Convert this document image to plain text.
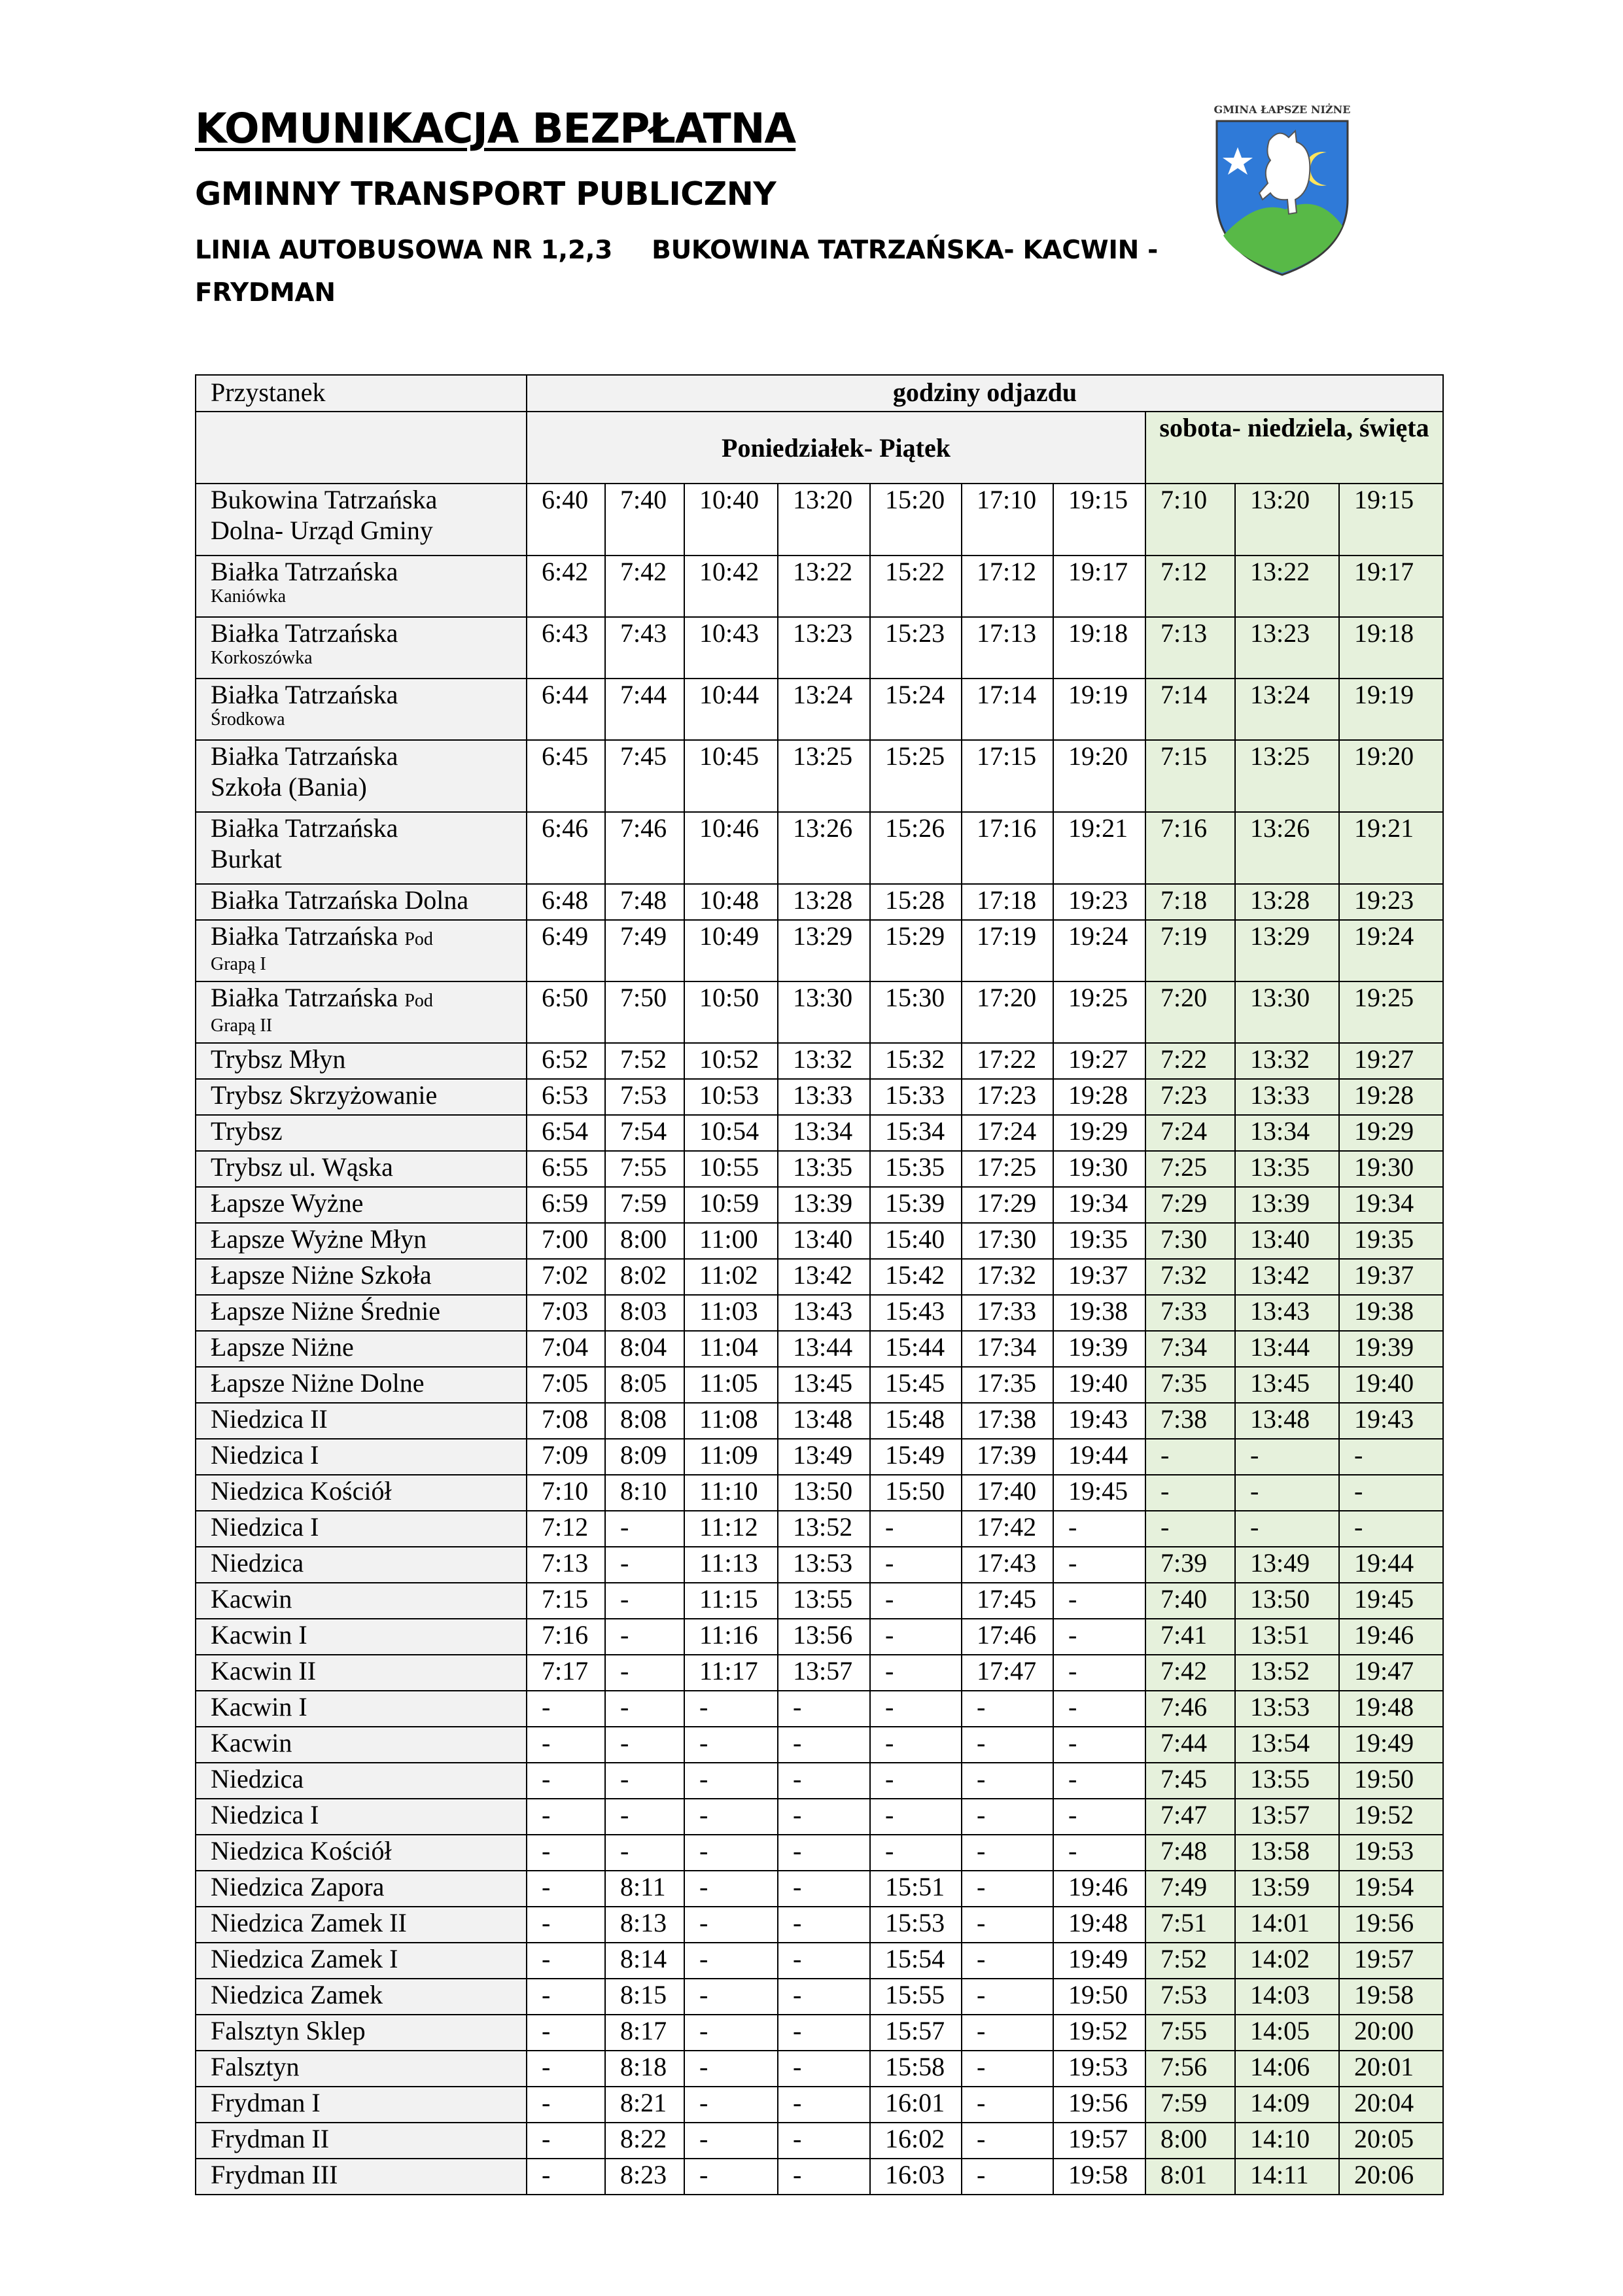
KOMUNIKACJA BEZPŁATNA
GMINNY TRANSPORT PUBLICZNY
LINIA AUTOBUSOWA NR 1,2,3 BUKOWINA TATRZAŃSKA- KACWIN -
FRYDMAN
GMINA ŁAPSZE NIŻNE
Przystanek	godziny odjazdu									
	Poniedziałek- Piątek							sobota- niedziela, święta		
Bukowina Tatrzańska
Dolna- Urząd Gminy	6:40	7:40	10:40	13:20	15:20	17:10	19:15	7:10	13:20	19:15
Białka Tatrzańska
Kaniówka	6:42	7:42	10:42	13:22	15:22	17:12	19:17	7:12	13:22	19:17
Białka Tatrzańska
Korkoszówka	6:43	7:43	10:43	13:23	15:23	17:13	19:18	7:13	13:23	19:18
Białka Tatrzańska
Środkowa	6:44	7:44	10:44	13:24	15:24	17:14	19:19	7:14	13:24	19:19
Białka Tatrzańska
Szkoła (Bania)	6:45	7:45	10:45	13:25	15:25	17:15	19:20	7:15	13:25	19:20
Białka Tatrzańska
Burkat	6:46	7:46	10:46	13:26	15:26	17:16	19:21	7:16	13:26	19:21
Białka Tatrzańska Dolna	6:48	7:48	10:48	13:28	15:28	17:18	19:23	7:18	13:28	19:23
Białka Tatrzańska Pod
Grapą I	6:49	7:49	10:49	13:29	15:29	17:19	19:24	7:19	13:29	19:24
Białka Tatrzańska Pod
Grapą II	6:50	7:50	10:50	13:30	15:30	17:20	19:25	7:20	13:30	19:25
Trybsz Młyn	6:52	7:52	10:52	13:32	15:32	17:22	19:27	7:22	13:32	19:27
Trybsz Skrzyżowanie	6:53	7:53	10:53	13:33	15:33	17:23	19:28	7:23	13:33	19:28
Trybsz	6:54	7:54	10:54	13:34	15:34	17:24	19:29	7:24	13:34	19:29
Trybsz ul. Wąska	6:55	7:55	10:55	13:35	15:35	17:25	19:30	7:25	13:35	19:30
Łapsze Wyżne	6:59	7:59	10:59	13:39	15:39	17:29	19:34	7:29	13:39	19:34
Łapsze Wyżne Młyn	7:00	8:00	11:00	13:40	15:40	17:30	19:35	7:30	13:40	19:35
Łapsze Niżne Szkoła	7:02	8:02	11:02	13:42	15:42	17:32	19:37	7:32	13:42	19:37
Łapsze Niżne Średnie	7:03	8:03	11:03	13:43	15:43	17:33	19:38	7:33	13:43	19:38
Łapsze Niżne	7:04	8:04	11:04	13:44	15:44	17:34	19:39	7:34	13:44	19:39
Łapsze Niżne Dolne	7:05	8:05	11:05	13:45	15:45	17:35	19:40	7:35	13:45	19:40
Niedzica II	7:08	8:08	11:08	13:48	15:48	17:38	19:43	7:38	13:48	19:43
Niedzica I	7:09	8:09	11:09	13:49	15:49	17:39	19:44	-	-	-
Niedzica Kościół	7:10	8:10	11:10	13:50	15:50	17:40	19:45	-	-	-
Niedzica I	7:12	-	11:12	13:52	-	17:42	-	-	-	-
Niedzica	7:13	-	11:13	13:53	-	17:43	-	7:39	13:49	19:44
Kacwin	7:15	-	11:15	13:55	-	17:45	-	7:40	13:50	19:45
Kacwin I	7:16	-	11:16	13:56	-	17:46	-	7:41	13:51	19:46
Kacwin II	7:17	-	11:17	13:57	-	17:47	-	7:42	13:52	19:47
Kacwin I	-	-	-	-	-	-	-	7:46	13:53	19:48
Kacwin	-	-	-	-	-	-	-	7:44	13:54	19:49
Niedzica	-	-	-	-	-	-	-	7:45	13:55	19:50
Niedzica I	-	-	-	-	-	-	-	7:47	13:57	19:52
Niedzica Kościół	-	-	-	-	-	-	-	7:48	13:58	19:53
Niedzica Zapora	-	8:11	-	-	15:51	-	19:46	7:49	13:59	19:54
Niedzica Zamek II	-	8:13	-	-	15:53	-	19:48	7:51	14:01	19:56
Niedzica Zamek I	-	8:14	-	-	15:54	-	19:49	7:52	14:02	19:57
Niedzica Zamek	-	8:15	-	-	15:55	-	19:50	7:53	14:03	19:58
Falsztyn Sklep	-	8:17	-	-	15:57	-	19:52	7:55	14:05	20:00
Falsztyn	-	8:18	-	-	15:58	-	19:53	7:56	14:06	20:01
Frydman I	-	8:21	-	-	16:01	-	19:56	7:59	14:09	20:04
Frydman II	-	8:22	-	-	16:02	-	19:57	8:00	14:10	20:05
Frydman III	-	8:23	-	-	16:03	-	19:58	8:01	14:11	20:06
